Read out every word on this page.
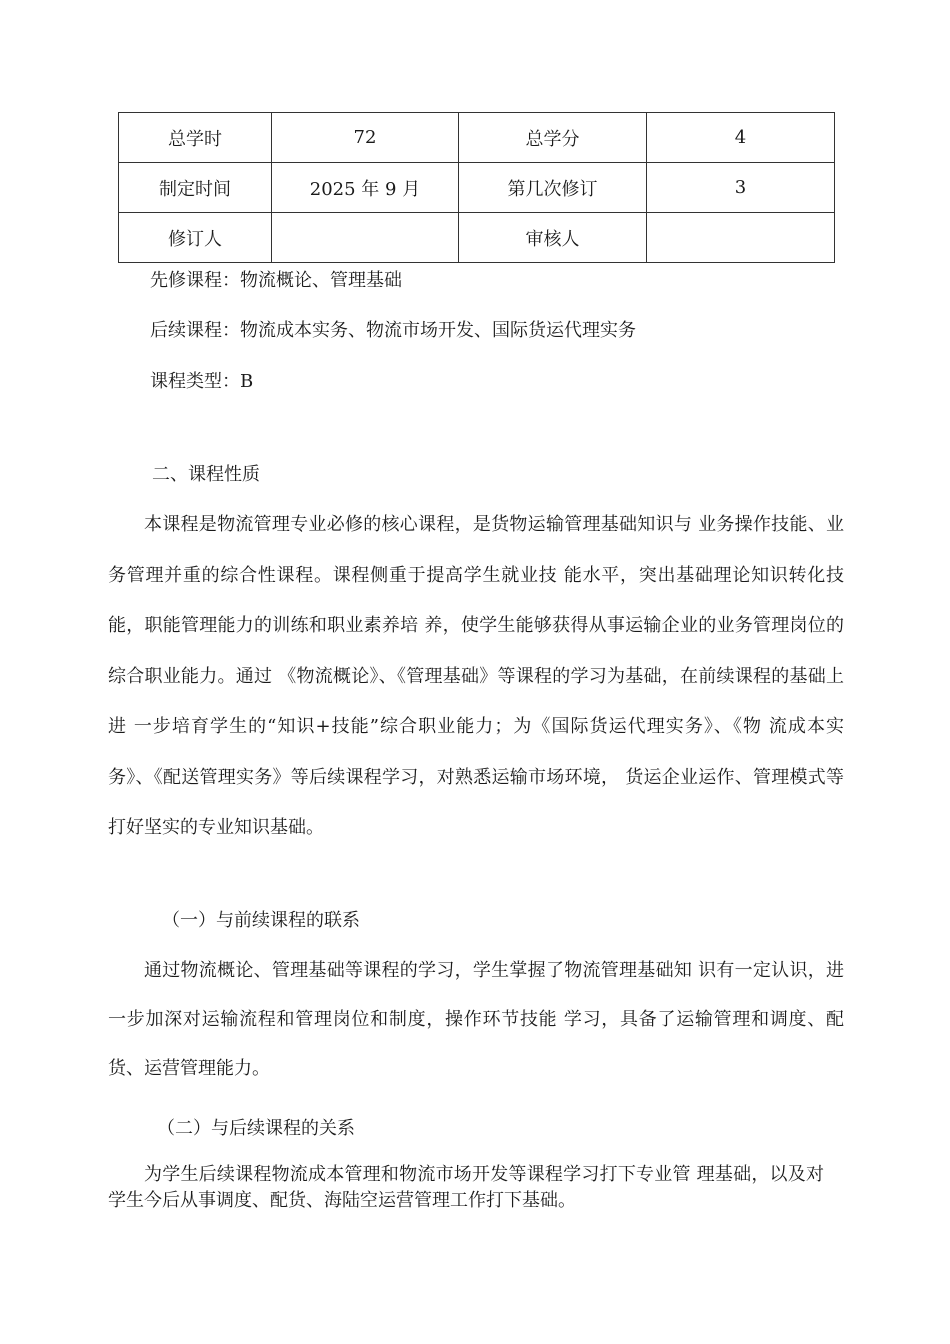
总学时	72	总学分	4
制定时间	2025 年 9 月	第几次修订	3
修订人		审核人	
先修课程：物流概论、管理基础
后续课程：物流成本实务、物流市场开发、国际货运代理实务
课程类型：B
二、课程性质
本课程是物流管理专业必修的核心课程，是货物运输管理基础知识与 业务操作技能、业务管理并重的综合性课程。课程侧重于提高学生就业技 能水平，突出基础理论知识转化技能，职能管理能力的训练和职业素养培 养，使学生能够获得从事运输企业的业务管理岗位的综合职业能力。通过 《物流概论》、《管理基础》等课程的学习为基础，在前续课程的基础上进 一步培育学生的“知识+技能”综合职业能力；为《国际货运代理实务》、《物 流成本实务》、《配送管理实务》等后续课程学习，对熟悉运输市场环境， 货运企业运作、管理模式等打好坚实的专业知识基础。
（一）与前续课程的联系
通过物流概论、管理基础等课程的学习，学生掌握了物流管理基础知 识有一定认识，进一步加深对运输流程和管理岗位和制度，操作环节技能 学习，具备了运输管理和调度、配货、运营管理能力。
（二）与后续课程的关系
为学生后续课程物流成本管理和物流市场开发等课程学习打下专业管 理基础，以及对学生今后从事调度、配货、海陆空运营管理工作打下基础。
